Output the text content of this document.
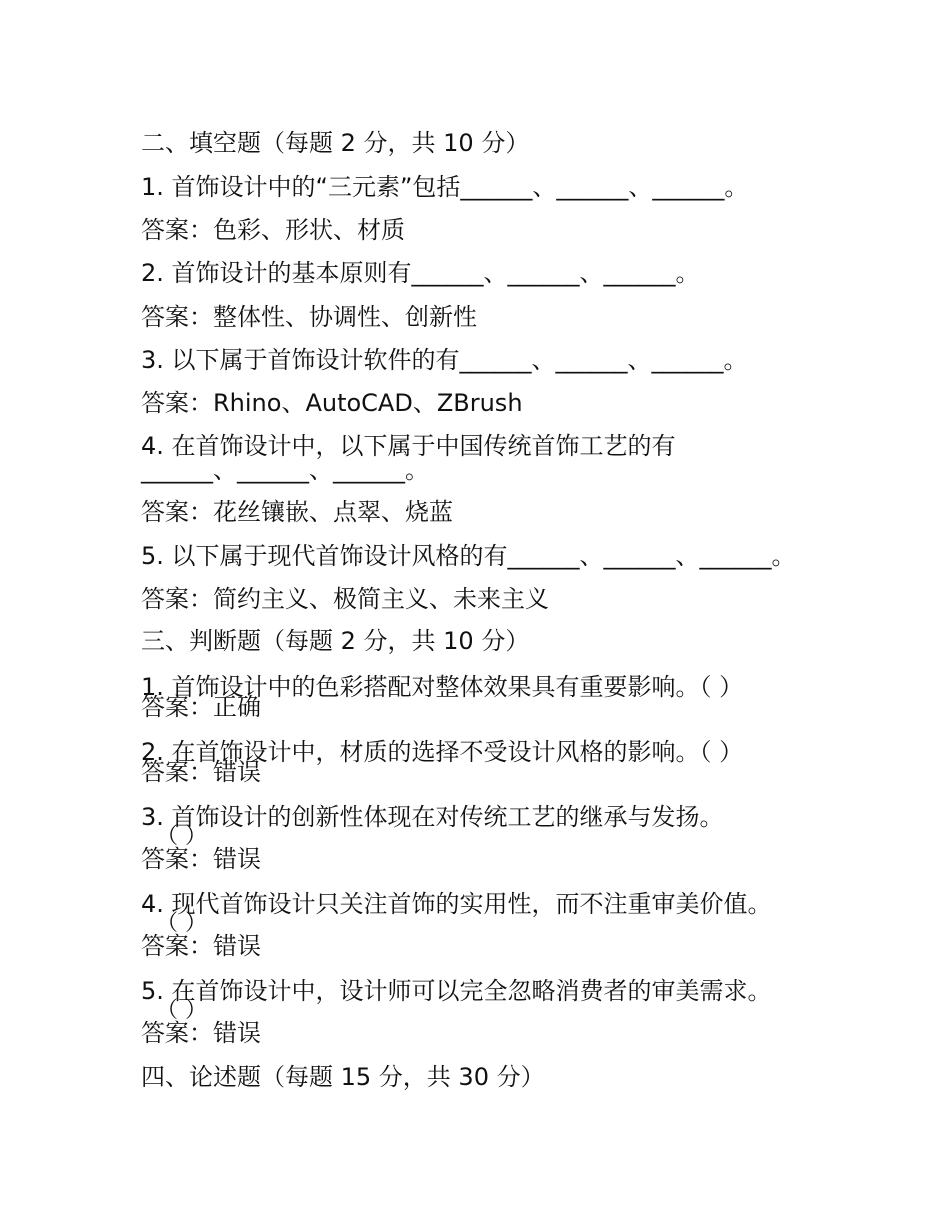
二、填空题（每题 2 分，共 10 分）
1. 首饰设计中的“三元素”包括______、______、______。
答案：色彩、形状、材质
2. 首饰设计的基本原则有______、______、______。
答案：整体性、协调性、创新性
3. 以下属于首饰设计软件的有______、______、______。
答案：Rhino、AutoCAD、ZBrush
4. 在首饰设计中，以下属于中国传统首饰工艺的有
______、______、______。
答案：花丝镶嵌、点翠、烧蓝
5. 以下属于现代首饰设计风格的有______、______、______。
答案：简约主义、极简主义、未来主义
三、判断题（每题 2 分，共 10 分）
1. 首饰设计中的色彩搭配对整体效果具有重要影响。（ ）
答案：正确
2. 在首饰设计中，材质的选择不受设计风格的影响。（ ）
答案：错误
3. 首饰设计的创新性体现在对传统工艺的继承与发扬。
（ ）
答案：错误
4. 现代首饰设计只关注首饰的实用性，而不注重审美价值。
（ ）
答案：错误
5. 在首饰设计中，设计师可以完全忽略消费者的审美需求。
（ ）
答案：错误
四、论述题（每题 15 分，共 30 分）
